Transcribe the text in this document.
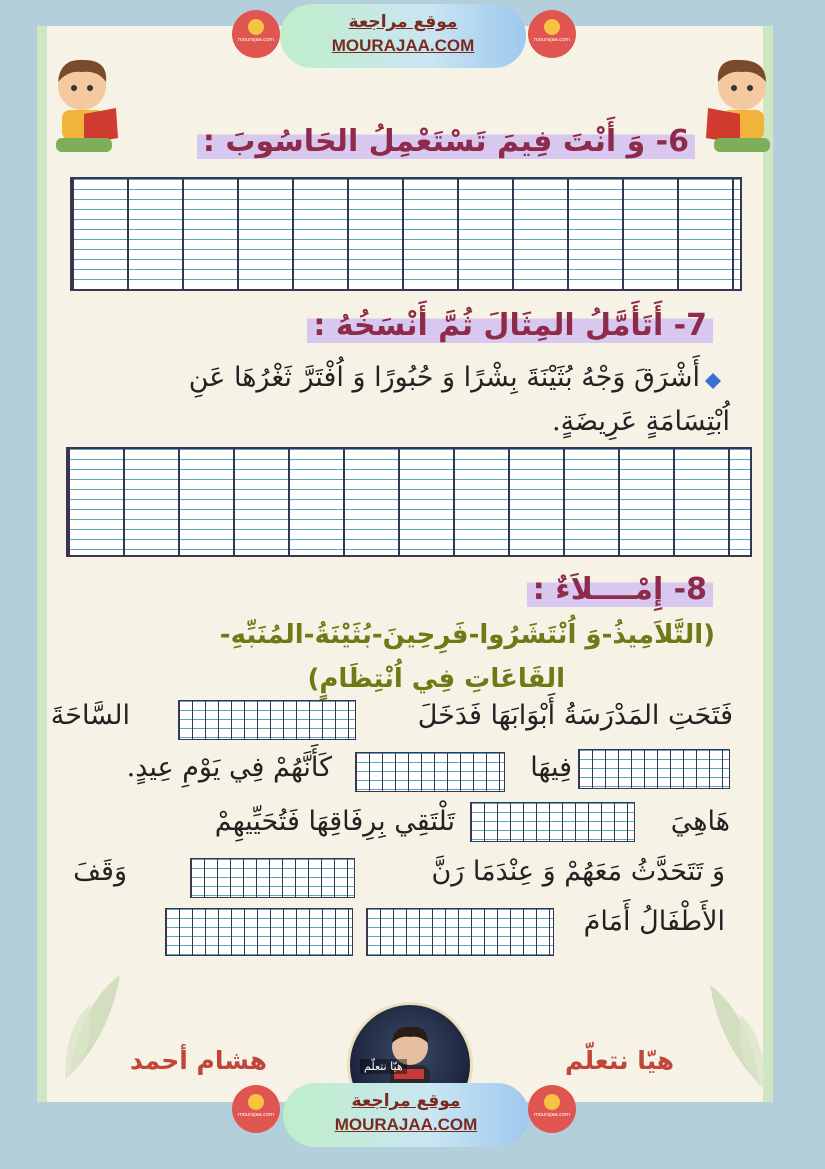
mourajaa.com
موقع مراجعة
MOURAJAA.COM	mourajaa.com
6- وَ أَنْتَ فِيمَ تَسْتَعْمِلُ الحَاسُوبَ :
7- أَتَأَمَّلُ المِثَالَ ثُمَّ أَنْسَخُهُ :
أَشْرَقَ وَجْهُ بُثَيْنَةَ بِشْرًا وَ حُبُورًا وَ اُفْتَرَّ ثَغْرُهَا عَنِ
اُبْتِسَامَةٍ عَرِيضَةٍ.
8- إِمْــــلاَءٌ :
(التَّلاَمِيذُ-وَ اُنْتَشَرُوا-فَرِحِينَ-بُثَيْنَةُ-المُنَبِّهِ-
القَاعَاتِ فِي اُنْتِظَامٍ)
فَتَحَتِ المَدْرَسَةُ أَبْوَابَهَا فَدَخَلَ
السَّاحَةَ
فِيهَا
كَأَنَّهُمْ فِي يَوْمِ عِيدٍ.
هَاهِيَ
تَلْتَقِي بِرِفَاقِهَا فَتُحَيِّيهِمْ
وَ تَتَحَدَّثُ مَعَهُمْ وَ عِنْدَمَا رَنَّ
وَقَفَ
الأَطْفَالُ أَمَامَ
هشام أحمد	هيّا نتعلّم
هيّا نتعلّم
mourajaa.com
موقع مراجعة
MOURAJAA.COM	mourajaa.com
